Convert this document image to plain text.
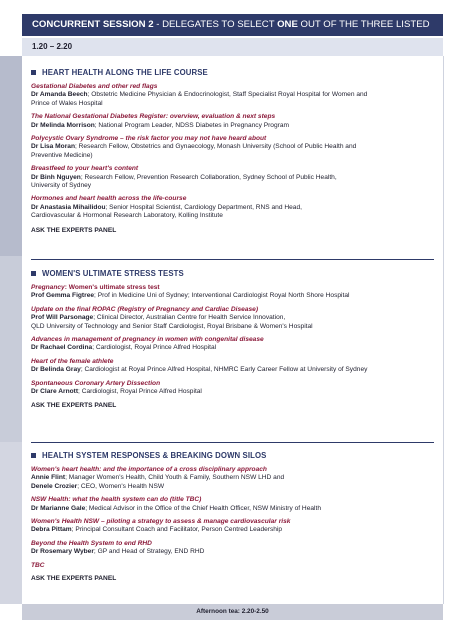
CONCURRENT SESSION 2 - DELEGATES TO SELECT ONE OUT OF THE THREE LISTED
1.20 – 2.20
HEART HEALTH ALONG THE LIFE COURSE
Gestational Diabetes and other red flags
Dr Amanda Beech; Obstetric Medicine Physician & Endocrinologist, Staff Specialist Royal Hospital for Women and
Prince of Wales Hospital
The National Gestational Diabetes Register: overview, evaluation & next steps
Dr Melinda Morrison; National Program Leader, NDSS Diabetes in Pregnancy Program
Polycystic Ovary Syndrome – the risk factor you may not have heard about
Dr Lisa Moran; Research Fellow, Obstetrics and Gynaecology, Monash University (School of Public Health and
Preventive Medicine)
Breastfeed to your heart's content
Dr Binh Nguyen; Research Fellow, Prevention Research Collaboration, Sydney School of Public Health,
University of Sydney
Hormones and heart health across the life-course
Dr Anastasia Mihailidou; Senior Hospital Scientist, Cardiology Department, RNS and Head,
Cardiovascular & Hormonal Research Laboratory, Kolling Institute
ASK THE EXPERTS PANEL
WOMEN'S ULTIMATE STRESS TESTS
Pregnancy: Women's ultimate stress test
Prof Gemma Figtree; Prof in Medicine Uni of Sydney; Interventional Cardiologist Royal North Shore Hospital
Update on the final ROPAC (Registry of Pregnancy and Cardiac Disease)
Prof Will Parsonage; Clinical Director, Australian Centre for Health Service Innovation,
QLD University of Technology and Senior Staff Cardiologist, Royal Brisbane & Women's Hospital
Advances in management of pregnancy in women with congenital disease
Dr Rachael Cordina; Cardiologist, Royal Prince Alfred Hospital
Heart of the female athlete
Dr Belinda Gray; Cardiologist at Royal Prince Alfred Hospital, NHMRC Early Career Fellow at University of Sydney
Spontaneous Coronary Artery Dissection
Dr Clare Arnott; Cardiologist, Royal Prince Alfred Hospital
ASK THE EXPERTS PANEL
HEALTH SYSTEM RESPONSES & BREAKING DOWN SILOS
Women's heart health: and the importance of a cross disciplinary approach
Annie Flint; Manager Women's Health, Child Youth & Family, Southern NSW LHD and
Denele Crozier; CEO, Women's Health NSW
NSW Health: what the health system can do (title TBC)
Dr Marianne Gale; Medical Advisor in the Office of the Chief Health Officer, NSW Ministry of Health
Women's Health NSW – piloting a strategy to assess & manage cardiovascular risk
Debra Pittam; Principal Consultant Coach and Facilitator, Person Centred Leadership
Beyond the Health System to end RHD
Dr Rosemary Wyber; GP and Head of Strategy, END RHD
TBC
ASK THE EXPERTS PANEL
Afternoon tea: 2.20-2.50
